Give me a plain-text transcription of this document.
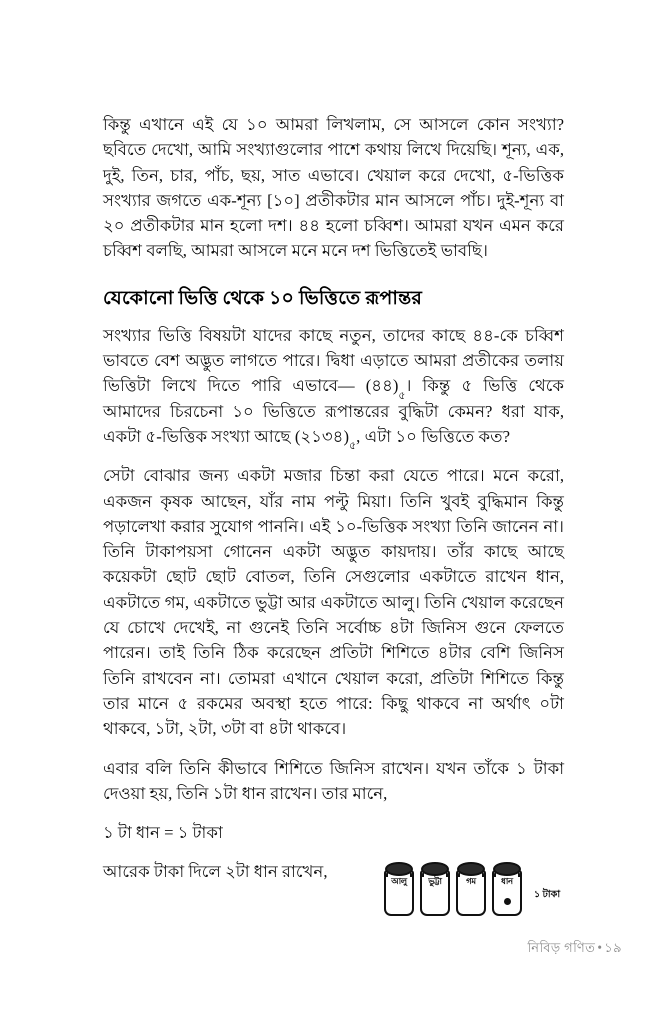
কিন্তু এখানে এই যে ১০ আমরা লিখলাম, সে আসলে কোন সংখ্যা? ছবিতে দেখো, আমি সংখ্যাগুলোর পাশে কথায় লিখে দিয়েছি। শূন্য, এক, দুই, তিন, চার, পাঁচ, ছয়, সাত এভাবে। খেয়াল করে দেখো, ৫-ভিত্তিক সংখ্যার জগতে এক-শূন্য [১০] প্রতীকটার মান আসলে পাঁচ। দুই-শূন্য বা ২০ প্রতীকটার মান হলো দশ। ৪৪ হলো চব্বিশ। আমরা যখন এমন করে চব্বিশ বলছি, আমরা আসলে মনে মনে দশ ভিত্তিতেই ভাবছি।

যেকোনো ভিত্তি থেকে ১০ ভিত্তিতে রূপান্তর

সংখ্যার ভিত্তি বিষয়টা যাদের কাছে নতুন, তাদের কাছে ৪৪-কে চব্বিশ ভাবতে বেশ অদ্ভুত লাগতে পারে। দ্বিধা এড়াতে আমরা প্রতীকের তলায় ভিত্তিটা লিখে দিতে পারি এভাবে— $(৪৪)_৫।$ কিন্তু ৫ ভিত্তি থেকে আমাদের চিরচেনা ১০ ভিত্তিতে রূপান্তরের বুদ্ধিটা কেমন? ধরা যাক, একটা ৫-ভিত্তিক সংখ্যা আছে $(২১৩৪)_৫$, এটা ১০ ভিত্তিতে কত?

সেটা বোঝার জন্য একটা মজার চিন্তা করা যেতে পারে। মনে করো, একজন কৃষক আছেন, যাঁর নাম পল্টু মিয়া। তিনি খুবই বুদ্ধিমান কিন্তু পড়ালেখা করার সুযোগ পাননি। এই ১০-ভিত্তিক সংখ্যা তিনি জানেন না। তিনি টাকাপয়সা গোনেন একটা অদ্ভুত কায়দায়। তাঁর কাছে আছে কয়েকটা ছোট ছোট বোতল, তিনি সেগুলোর একটাতে রাখেন ধান, একটাতে গম, একটাতে ভুট্টা আর একটাতে আলু। তিনি খেয়াল করেছেন যে চোখে দেখেই, না গুনেই তিনি সর্বোচ্চ ৪টা জিনিস গুনে ফেলতে পারেন। তাই তিনি ঠিক করেছেন প্রতিটা শিশিতে ৪টার বেশি জিনিস তিনি রাখবেন না। তোমরা এখানে খেয়াল করো, প্রতিটা শিশিতে কিন্তু তার মানে ৫ রকমের অবস্থা হতে পারে: কিছু থাকবে না অর্থাৎ ০টা থাকবে, ১টা, ২টা, ৩টা বা ৪টা থাকবে।

এবার বলি তিনি কীভাবে শিশিতে জিনিস রাখেন। যখন তাঁকে ১ টাকা দেওয়া হয়, তিনি ১টা ধান রাখেন। তার মানে,

১ টা ধান = ১ টাকা

আরেক টাকা দিলে ২টা ধান রাখেন,

আলু	ভুট্টা	গম	ধান
১ টাকা
নিবিড় গণিত • ১৯
